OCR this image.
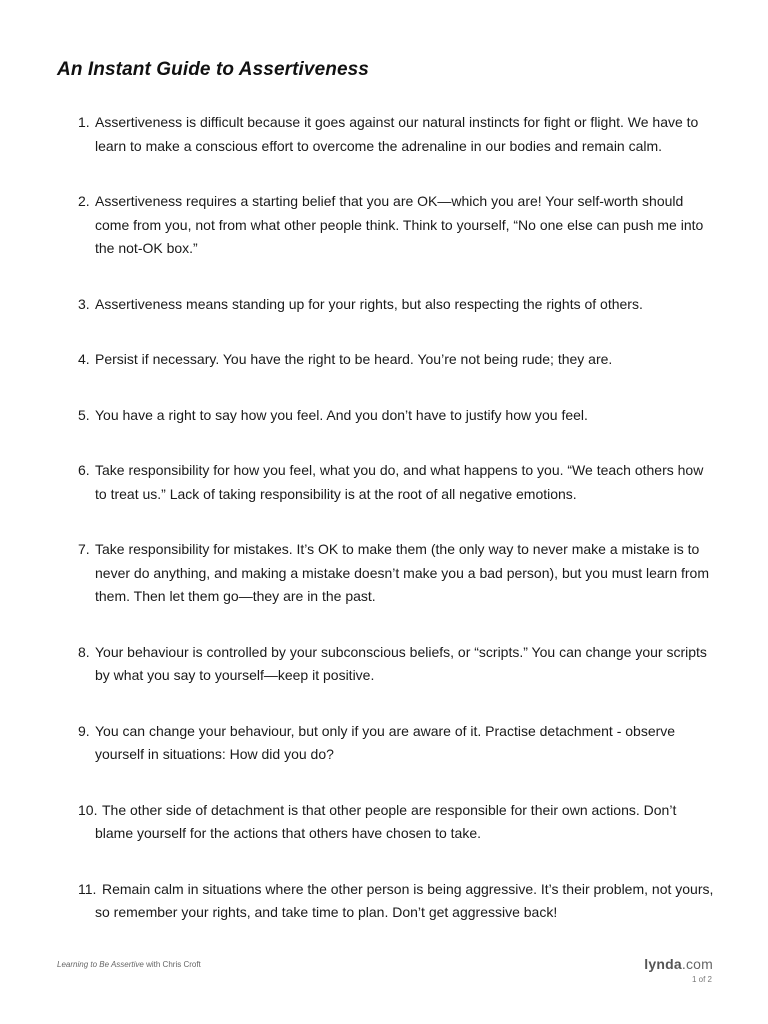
An Instant Guide to Assertiveness
1. Assertiveness is difficult because it goes against our natural instincts for fight or flight. We have to learn to make a conscious effort to overcome the adrenaline in our bodies and remain calm.
2. Assertiveness requires a starting belief that you are OK—which you are! Your self-worth should come from you, not from what other people think. Think to yourself, “No one else can push me into the not-OK box.”
3. Assertiveness means standing up for your rights, but also respecting the rights of others.
4. Persist if necessary. You have the right to be heard. You’re not being rude; they are.
5. You have a right to say how you feel. And you don’t have to justify how you feel.
6. Take responsibility for how you feel, what you do, and what happens to you. “We teach others how to treat us.” Lack of taking responsibility is at the root of all negative emotions.
7. Take responsibility for mistakes. It’s OK to make them (the only way to never make a mistake is to never do anything, and making a mistake doesn’t make you a bad person), but you must learn from them. Then let them go—they are in the past.
8. Your behaviour is controlled by your subconscious beliefs, or “scripts.” You can change your scripts by what you say to yourself—keep it positive.
9. You can change your behaviour, but only if you are aware of it. Practise detachment - observe yourself in situations: How did you do?
10. The other side of detachment is that other people are responsible for their own actions. Don’t blame yourself for the actions that others have chosen to take.
11. Remain calm in situations where the other person is being aggressive. It’s their problem, not yours, so remember your rights, and take time to plan. Don’t get aggressive back!
Learning to Be Assertive with Chris Croft	lynda.com
1 of 2
